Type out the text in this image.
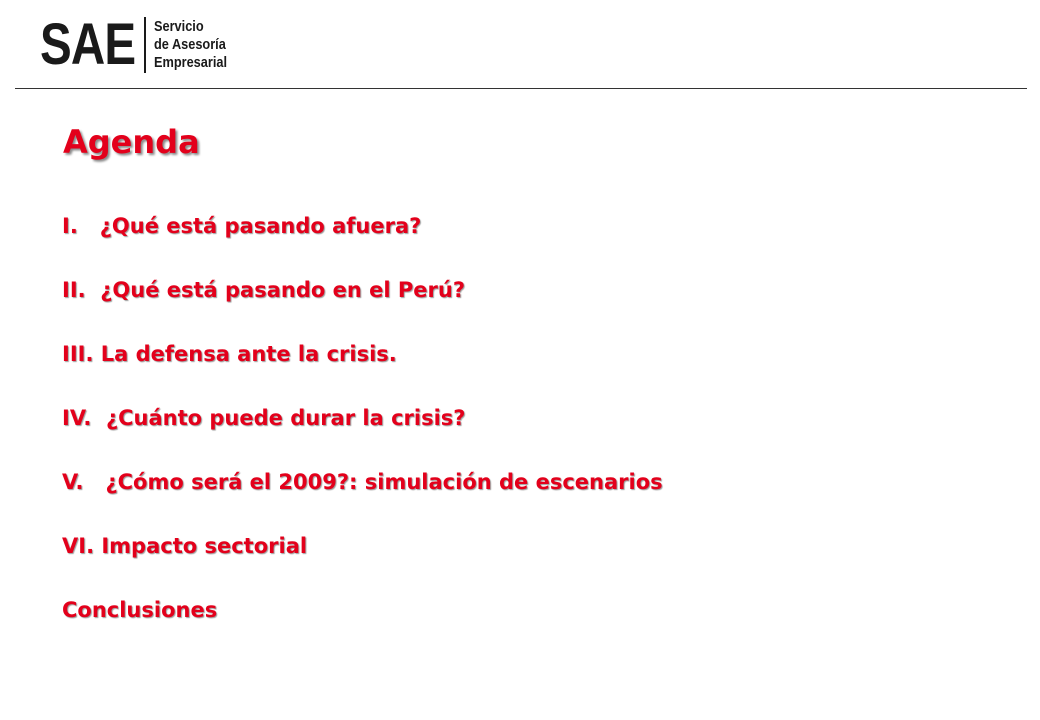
SAE Servicio
de Asesoría
Empresarial
Agenda
I.   ¿Qué está pasando afuera?
II.  ¿Qué está pasando en el Perú?
III. La defensa ante la crisis.
IV.  ¿Cuánto puede durar la crisis?
V.   ¿Cómo será el 2009?: simulación de escenarios
VI. Impacto sectorial
Conclusiones
